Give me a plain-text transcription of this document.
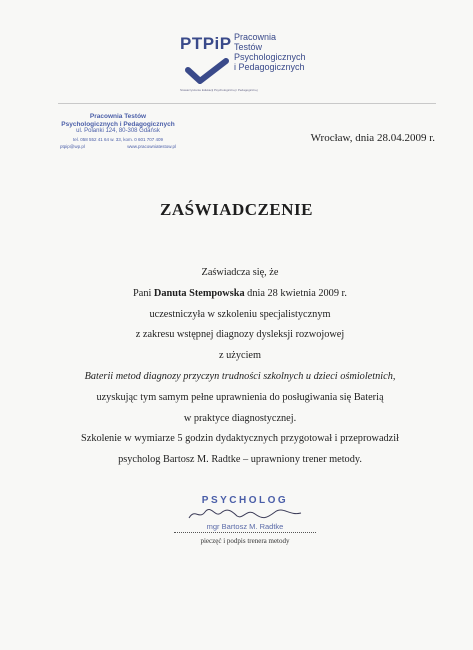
PTPiP Pracownia
Testów
Psychologicznych
i Pedagogicznych
Stowarzyszenie Edukacji Psychologicznej i Pedagogicznej
Pracownia Testów
Psychologicznych i Pedagogicznych
ul. Polanki 124, 80-308 Gdańsk
tel. 058 552 41 64 w. 33, kom. 0 601 707 409
ptpip@wp.pl	www.pracowniatestow.pl
Wrocław, dnia 28.04.2009 r.
ZAŚWIADCZENIE
Zaświadcza się, że
Pani Danuta Stempowska dnia 28 kwietnia 2009 r.
uczestniczyła w szkoleniu specjalistycznym
z zakresu wstępnej diagnozy dysleksji rozwojowej
z użyciem
Baterii metod diagnozy przyczyn trudności szkolnych u dzieci ośmioletnich,
uzyskując tym samym pełne uprawnienia do posługiwania się Baterią
w praktyce diagnostycznej.
Szkolenie w wymiarze 5 godzin dydaktycznych przygotował i przeprowadził
psycholog Bartosz M. Radtke – uprawniony trener metody.
PSYCHOLOG
mgr Bartosz M. Radtke
pieczęć i podpis trenera metody
